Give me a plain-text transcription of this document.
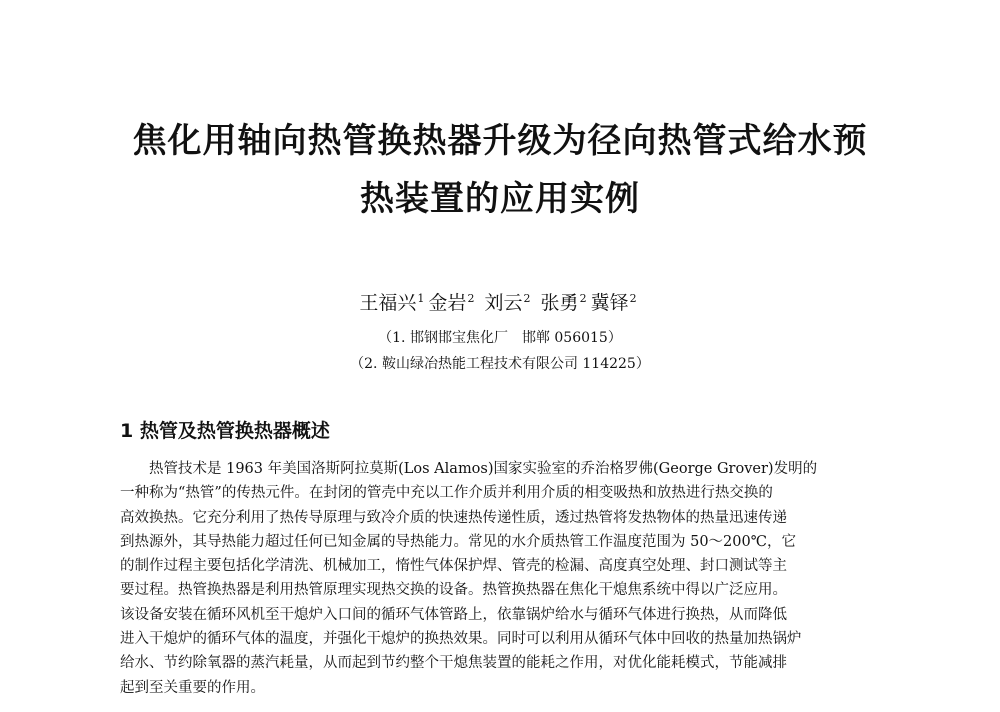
焦化用轴向热管换热器升级为径向热管式给水预
热装置的应用实例
王福兴$^1$ 金岩$^2$ 刘云$^2$ 张勇$^2$ 冀铎$^2$
（1. 邯钢邯宝焦化厂　邯郸 056015）
（2. 鞍山绿冶热能工程技术有限公司 114225）
1 热管及热管换热器概述

热管技术是 1963 年美国洛斯阿拉莫斯(Los Alamos)国家实验室的乔治格罗佛(George Grover)发明的
一种称为“热管”的传热元件。在封闭的管壳中充以工作介质并利用介质的相变吸热和放热进行热交换的
高效换热。它充分利用了热传导原理与致冷介质的快速热传递性质，透过热管将发热物体的热量迅速传递
到热源外，其导热能力超过任何已知金属的导热能力。常见的水介质热管工作温度范围为 50～200℃，它
的制作过程主要包括化学清洗、机械加工，惰性气体保护焊、管壳的检漏、高度真空处理、封口测试等主
要过程。热管换热器是利用热管原理实现热交换的设备。热管换热器在焦化干熄焦系统中得以广泛应用。
该设备安装在循环风机至干熄炉入口间的循环气体管路上，依靠锅炉给水与循环气体进行换热，从而降低
进入干熄炉的循环气体的温度，并强化干熄炉的换热效果。同时可以利用从循环气体中回收的热量加热锅炉
给水、节约除氧器的蒸汽耗量，从而起到节约整个干熄焦装置的能耗之作用，对优化能耗模式，节能减排
起到至关重要的作用。
